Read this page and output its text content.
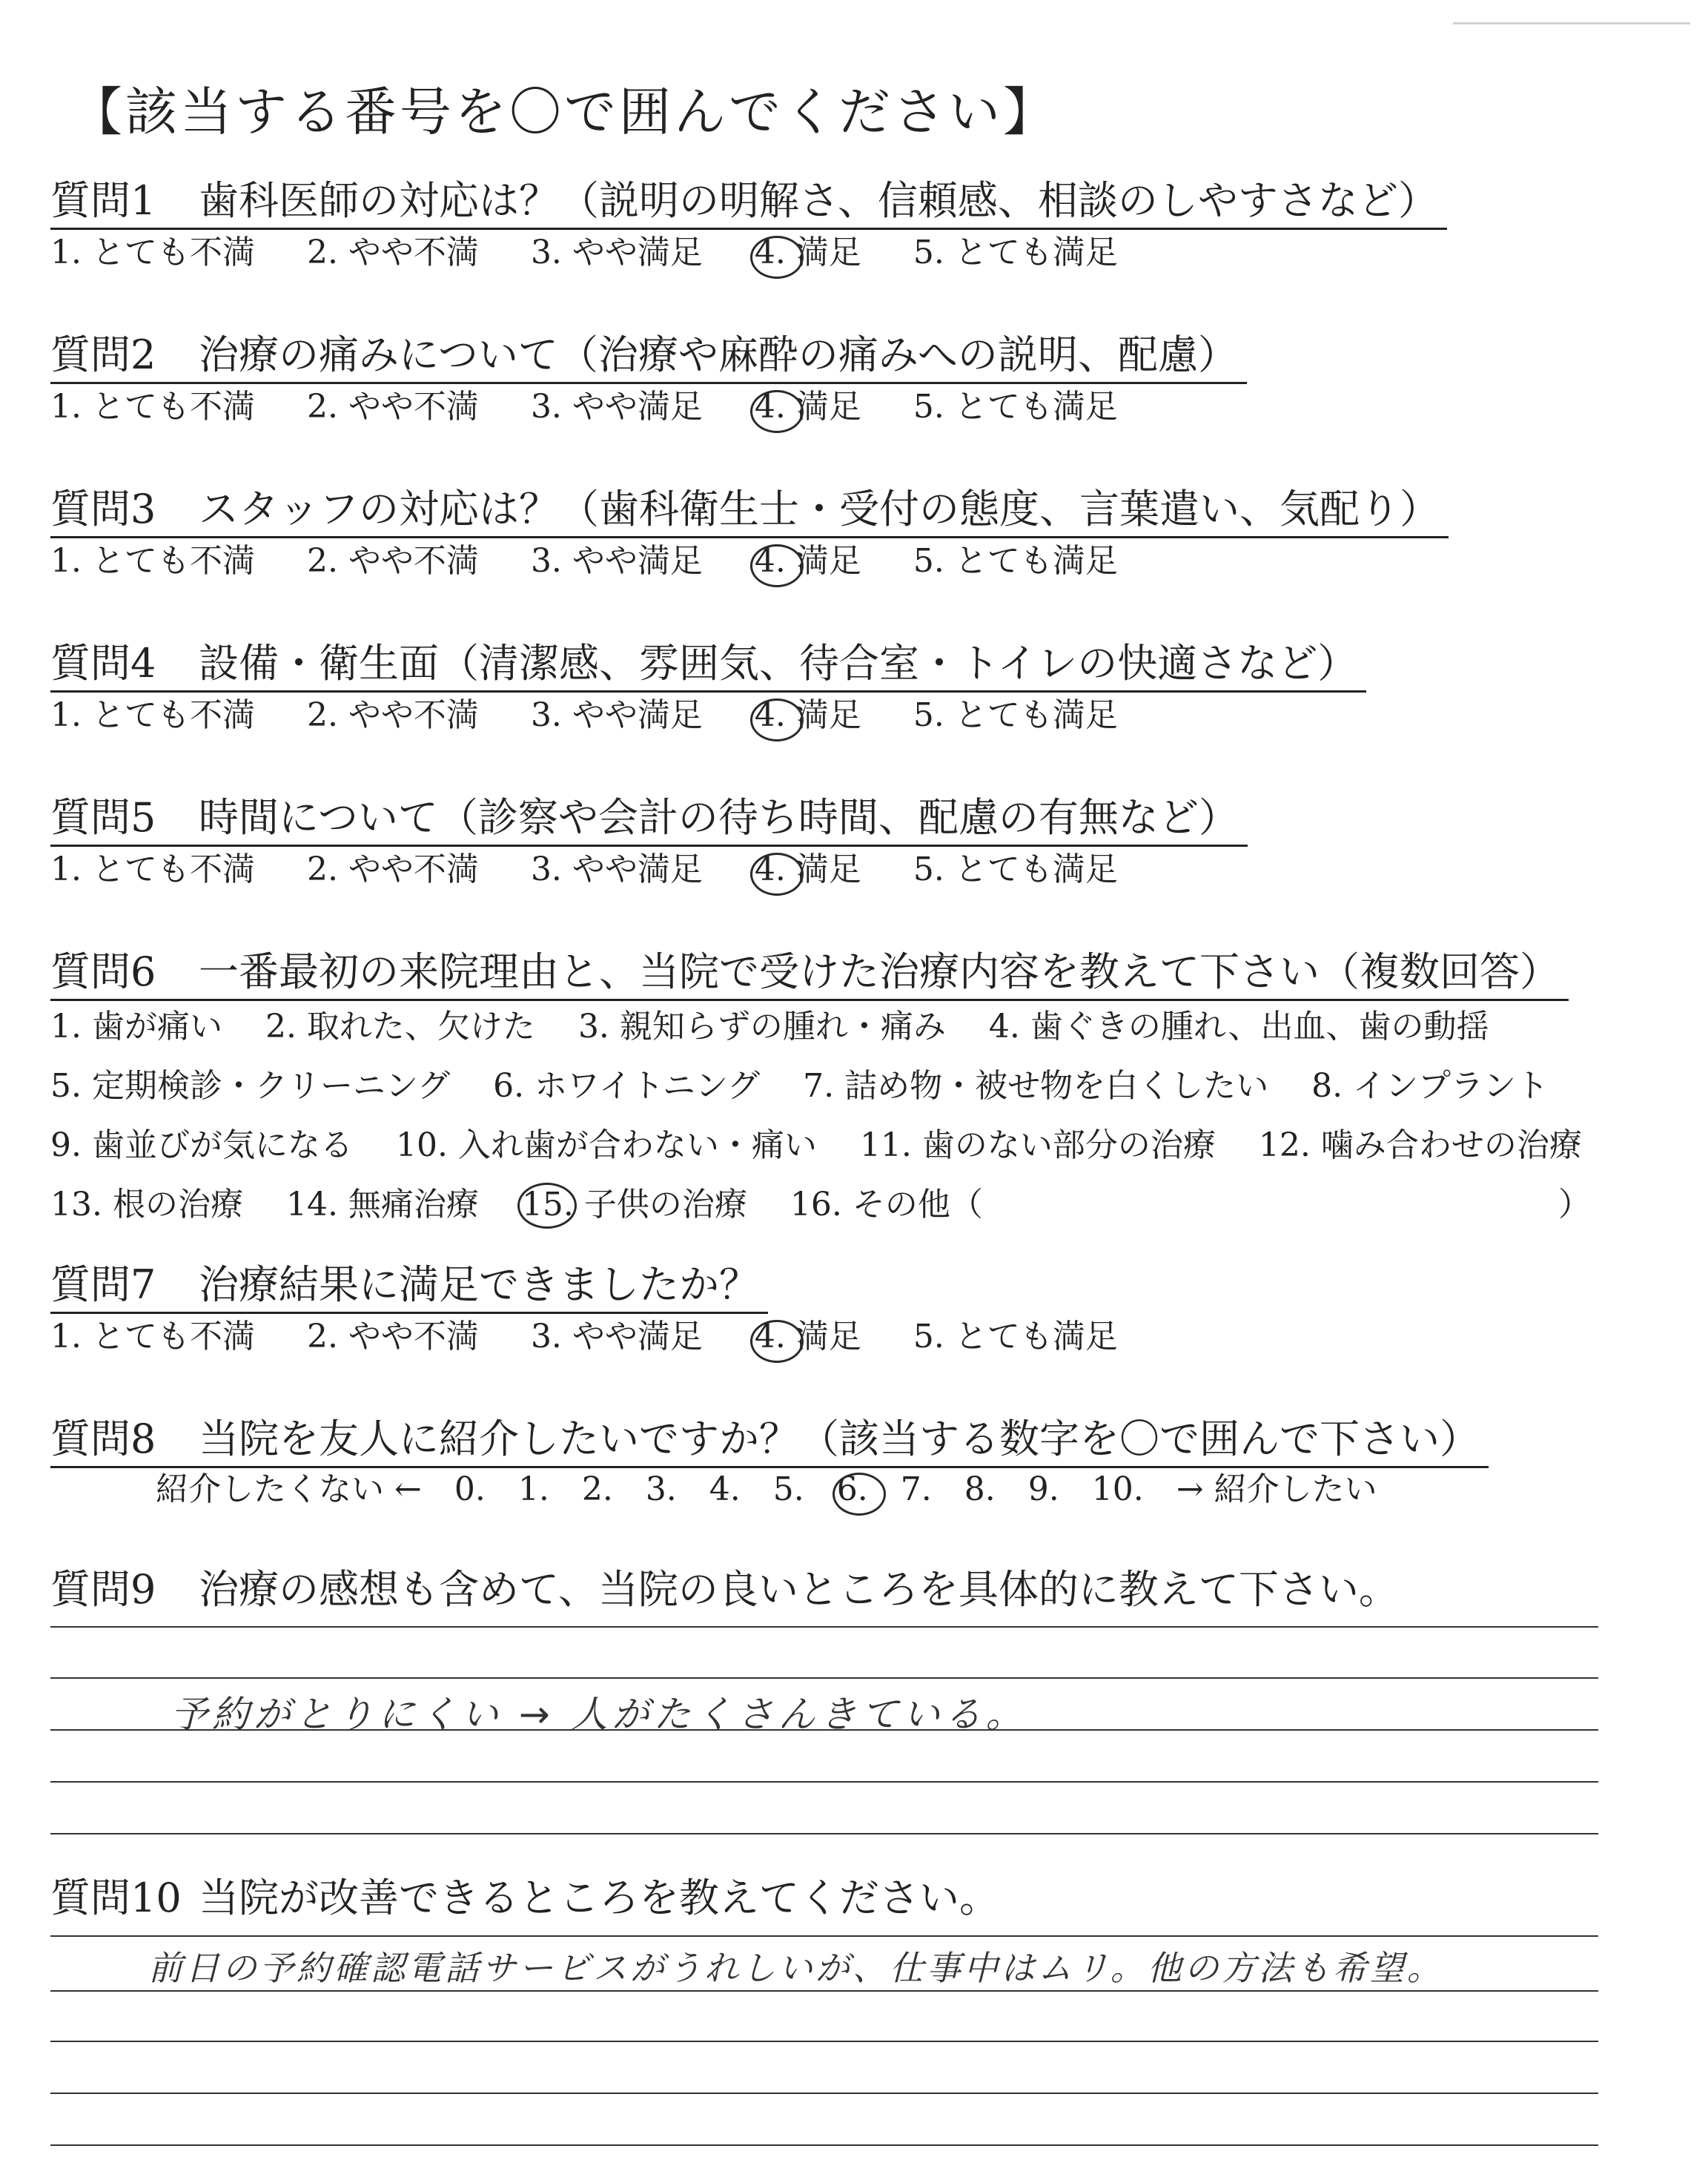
【該当する番号を〇で囲んでください】
質問1 歯科医師の対応は？（説明の明解さ、信頼感、相談のしやすさなど）
1. とても不満 2. やや不満 3. やや満足 4. 満足 5. とても満足
質問2 治療の痛みについて（治療や麻酔の痛みへの説明、配慮）
1. とても不満 2. やや不満 3. やや満足 4. 満足 5. とても満足
質問3 スタッフの対応は？（歯科衛生士・受付の態度、言葉遣い、気配り）
1. とても不満 2. やや不満 3. やや満足 4. 満足 5. とても満足
質問4 設備・衛生面（清潔感、雰囲気、待合室・トイレの快適さなど）
1. とても不満 2. やや不満 3. やや満足 4. 満足 5. とても満足
質問5 時間について（診察や会計の待ち時間、配慮の有無など）
1. とても不満 2. やや不満 3. やや満足 4. 満足 5. とても満足
質問6 一番最初の来院理由と、当院で受けた治療内容を教えて下さい（複数回答）
1. 歯が痛い 2. 取れた、欠けた 3. 親知らずの腫れ・痛み 4. 歯ぐきの腫れ、出血、歯の動揺
5. 定期検診・クリーニング 6. ホワイトニング 7. 詰め物・被せ物を白くしたい 8. インプラント
9. 歯並びが気になる 10. 入れ歯が合わない・痛い 11. 歯のない部分の治療 12. 噛み合わせの治療
13. 根の治療 14. 無痛治療 15. 子供の治療 16. その他（	）
質問7 治療結果に満足できましたか？
1. とても不満 2. やや不満 3. やや満足 4. 満足 5. とても満足
質問8 当院を友人に紹介したいですか？（該当する数字を〇で囲んで下さい）
紹介したくない ← 0. 1. 2. 3. 4. 5. 6. 7. 8. 9. 10. → 紹介したい
質問9 治療の感想も含めて、当院の良いところを具体的に教えて下さい。
予約がとりにくい → 人がたくさんきている。
質問10 当院が改善できるところを教えてください。
前日の予約確認電話サービスがうれしいが、仕事中はムリ。他の方法も希望。
